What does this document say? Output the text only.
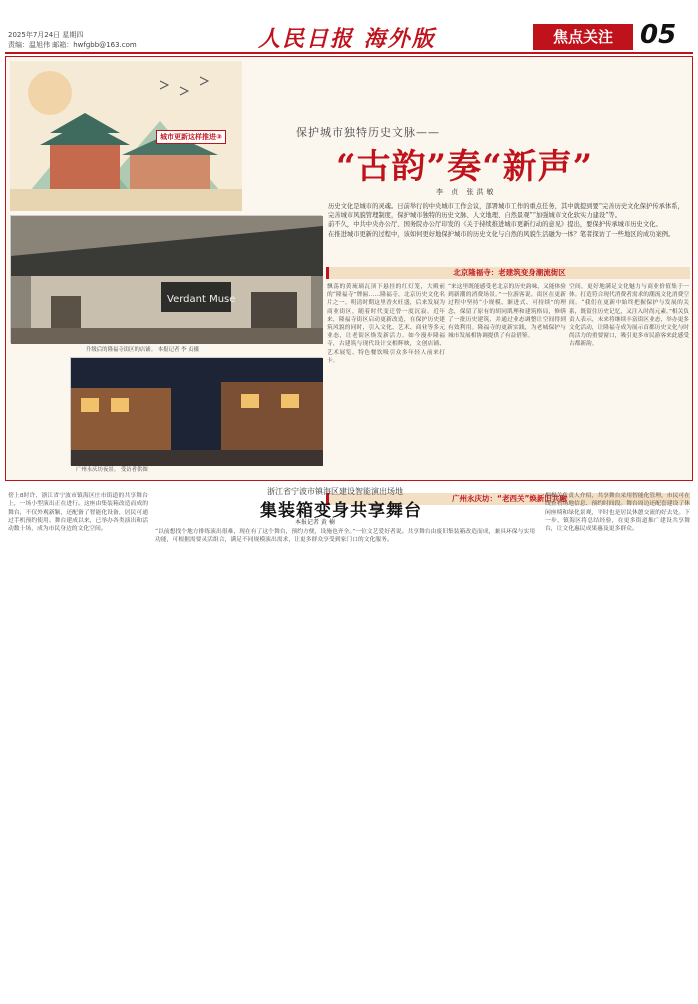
2025年7月24日 星期四
责编：温旭伟 邮箱：hwfgbb@163.com	人民日报 海外版	焦点关注	05
城市更新这样推进③	保护城市独特历史文脉——
“古韵”奏“新声”
李 贞 张洪敏

历史文化是城市的灵魂。日前举行的中央城市工作会议，部署城市工作的重点任务，其中就提到要“完善历史文化保护传承体系，完善城市风貌管理制度，保护城市独特的历史文脉、人文地理、自然景观”“加强城市文化软实力建设”等。

前不久，中共中央办公厅、国务院办公厅印发的《关于持续推进城市更新行动的意见》提出，要保护传承城市历史文化。

在推进城市更新的过程中，该如何更好地保护城市的历史文化与自然的风貌生活融为一体？笔者探访了一些地区的成功案例。

北京隆福寺：老建筑变身潮流街区
飘荡的黄琉璃瓦顶下悬挂的红灯笼，大殿前的“隆福寺”牌匾……隆福寺，北京历史文化名片之一。明清时期这里香火旺盛，后来发展为商业街区，随着时代变迁曾一度沉寂。近年来，隆福寺街区启动更新改造，在保护历史建筑风貌的同时，引入文化、艺术、商业等多元业态，让老街区焕发新活力。如今漫步隆福寺，古建筑与现代设计交相辉映，文创店铺、艺术展览、特色餐饮吸引众多年轻人前来打卡。
“来这里既能感受老北京的历史韵味，又能体验到新潮的消费场景。”一位游客说。街区在更新过程中坚持“小规模、渐进式、可持续”的理念，保留了原有的胡同肌理和建筑格局，修缮了一批历史建筑，并通过业态调整让空间得到有效利用。隆福寺的更新实践，为老城保护与城市发展相协调提供了有益借鉴。
空间，更好地满足文化魅力与商业价值集于一体。打造符合现代消费者需求的潮流文化消费空间。“我们在更新中始终把握保护与发展的关系，既留住历史记忆，又注入时尚元素。”相关负责人表示，未来将继续丰富街区业态，举办更多文化活动，让隆福寺成为展示首都历史文化与时尚活力的重要窗口，吸引更多市民游客来此感受古都新韵。
Verdant Muse
升级后的隆福寺街区的店铺。 本报记者 李 贞摄
广州永庆坊：“老西关”焕新旧共融
广州永庆坊夜景。 受访者供图
傍上8时许，浙江省宁波市镇海区庄市街道的共享舞台上，一场小型演出正在进行。这座由集装箱改造而成的舞台，不仅外观新颖，还配备了智能化设备，居民可通过手机预约使用。舞台建成以来，已举办各类演出和活动数十场，成为市民身边的文化空间。
浙江省宁波市镇海区建设智能演出场地
集装箱变身共享舞台
本报记者 黄 楠
“以前想找个地方排练演出很难，现在有了这个舞台，预约方便，设施也齐全。”一位文艺爱好者说。共享舞台由废旧集装箱改造而成，兼具环保与实用功能，可根据需要灵活组合，满足不同规模演出需求，让更多群众享受到家门口的文化服务。
据相关负责人介绍，共享舞台采用智能化管理，市民可在线查看场地信息、预约时间段。舞台周边还配套建设了休闲座椅和绿化景观，平时也是居民休憩交流的好去处。下一步，镇海区将总结经验，在更多街道推广建设共享舞台，让文化惠民成果惠及更多群众。
